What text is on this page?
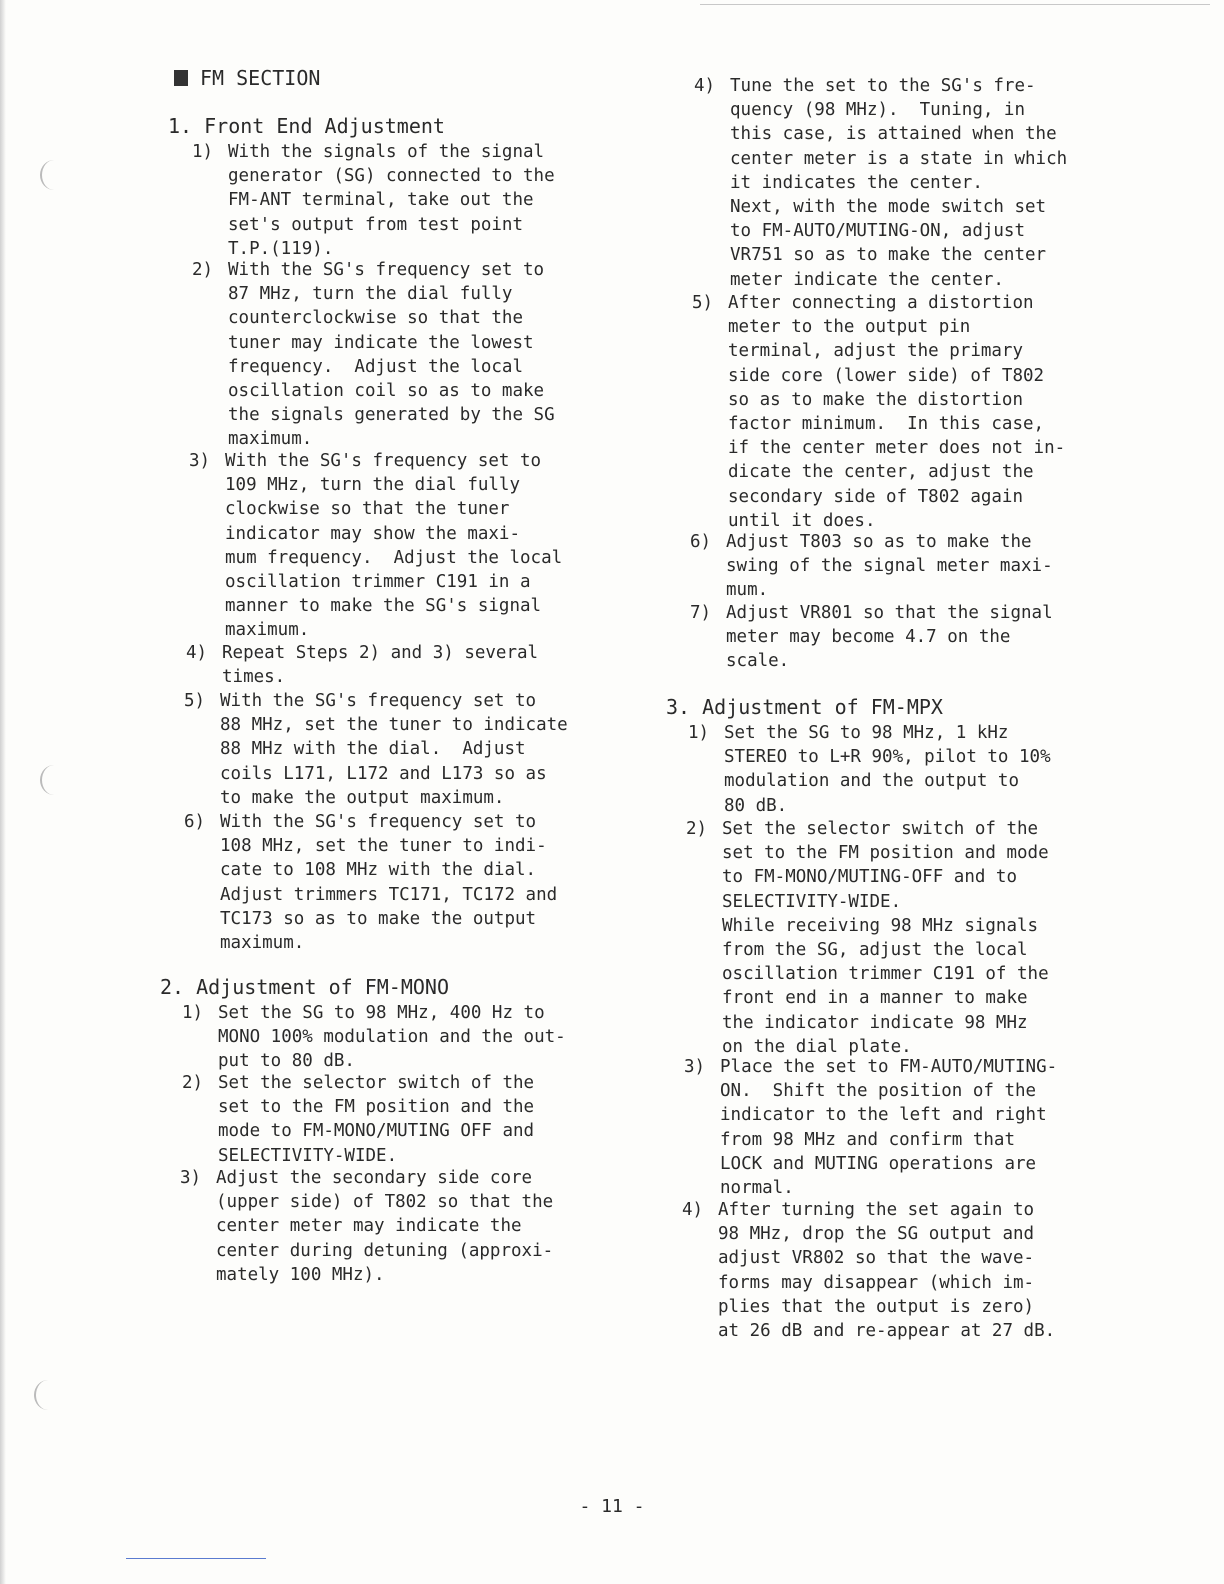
FM SECTION
1. Front End Adjustment

1)

With the signals of the signal
generator (SG) connected to the
FM-ANT terminal, take out the
set's output from test point
T.P.(119).

2)

With the SG's frequency set to
87 MHz, turn the dial fully
counterclockwise so that the
tuner may indicate the lowest
frequency.  Adjust the local
oscillation coil so as to make
the signals generated by the SG
maximum.

3)

With the SG's frequency set to
109 MHz, turn the dial fully
clockwise so that the tuner
indicator may show the maxi-
mum frequency.  Adjust the local
oscillation trimmer C191 in a
manner to make the SG's signal
maximum.

4)

Repeat Steps 2) and 3) several
times.

5)

With the SG's frequency set to
88 MHz, set the tuner to indicate
88 MHz with the dial.  Adjust
coils L171, L172 and L173 so as
to make the output maximum.

6)

With the SG's frequency set to
108 MHz, set the tuner to indi-
cate to 108 MHz with the dial.
Adjust trimmers TC171, TC172 and
TC173 so as to make the output
maximum.

2. Adjustment of FM-MONO

1)

Set the SG to 98 MHz, 400 Hz to
MONO 100% modulation and the out-
put to 80 dB.

2)

Set the selector switch of the
set to the FM position and the
mode to FM-MONO/MUTING OFF and
SELECTIVITY-WIDE.

3)

Adjust the secondary side core
(upper side) of T802 so that the
center meter may indicate the
center during detuning (approxi-
mately 100 MHz).

4)

Tune the set to the SG's fre-
quency (98 MHz).  Tuning, in
this case, is attained when the
center meter is a state in which
it indicates the center.
Next, with the mode switch set
to FM-AUTO/MUTING-ON, adjust
VR751 so as to make the center
meter indicate the center.

5)

After connecting a distortion
meter to the output pin
terminal, adjust the primary
side core (lower side) of T802
so as to make the distortion
factor minimum.  In this case,
if the center meter does not in-
dicate the center, adjust the
secondary side of T802 again
until it does.

6)

Adjust T803 so as to make the
swing of the signal meter maxi-
mum.

7)

Adjust VR801 so that the signal
meter may become 4.7 on the
scale.

3. Adjustment of FM-MPX

1)

Set the SG to 98 MHz, 1 kHz
STEREO to L+R 90%, pilot to 10%
modulation and the output to
80 dB.

2)

Set the selector switch of the
set to the FM position and mode
to FM-MONO/MUTING-OFF and to
SELECTIVITY-WIDE.
While receiving 98 MHz signals
from the SG, adjust the local
oscillation trimmer C191 of the
front end in a manner to make
the indicator indicate 98 MHz
on the dial plate.

3)

Place the set to FM-AUTO/MUTING-
ON.  Shift the position of the
indicator to the left and right
from 98 MHz and confirm that
LOCK and MUTING operations are
normal.

4)

After turning the set again to
98 MHz, drop the SG output and
adjust VR802 so that the wave-
forms may disappear (which im-
plies that the output is zero)
at 26 dB and re-appear at 27 dB.

- 11 -
